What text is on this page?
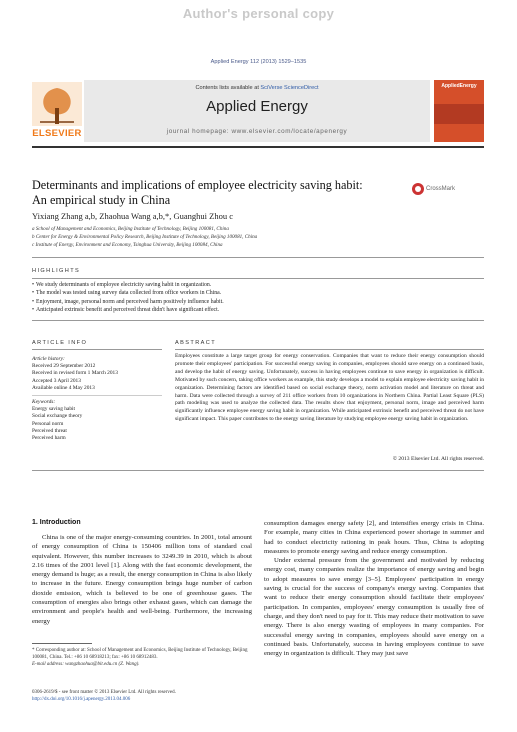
Author's personal copy
Applied Energy 112 (2013) 1529–1535
ELSEVIER
Contents lists available at SciVerse ScienceDirect
Applied Energy
journal homepage: www.elsevier.com/locate/apenergy
AppliedEnergy
Determinants and implications of employee electricity saving habit:
An empirical study in China
CrossMark
Yixiang Zhang a,b, Zhaohua Wang a,b,*, Guanghui Zhou c
a School of Management and Economics, Beijing Institute of Technology, Beijing 100081, China
b Center for Energy & Environmental Policy Research, Beijing Institute of Technology, Beijing 100081, China
c Institute of Energy, Environment and Economy, Tsinghua University, Beijing 100084, China
HIGHLIGHTS
• We study determinants of employee electricity saving habit in organization.
• The model was tested using survey data collected from office workers in China.
• Enjoyment, image, personal norm and perceived harm positively influence habit.
• Anticipated extrinsic benefit and perceived threat didn't have significant effect.
ARTICLE INFO
Article history:
Received 29 September 2012
Received in revised form 1 March 2013
Accepted 3 April 2013
Available online 4 May 2013
Keywords:
Energy saving habit
Social exchange theory
Personal norm
Perceived threat
Perceived harm
ABSTRACT
Employees constitute a large target group for energy conservation. Companies that want to reduce their energy consumption should promote their employees' participation. For successful energy saving in companies, employees should save energy on a continued basis, and develop the habit of energy saving. Unfortunately, success in having employees continue to save energy in organization is difficult. Motivated by such concern, taking office workers as example, this study develops a model to explain employee electricity saving habit in organization. Determining factors are identified based on social exchange theory, norm activation model and literature on threat and harm. Data were collected through a survey of 211 office workers from 10 organizations in Northern China. Partial Least Square (PLS) path modeling was used to analyze the collected data. The results show that enjoyment, personal norm, image and perceived harm significantly influence employee energy saving habit in organization. While anticipated extrinsic benefit and perceived threat do not have significant impact. This paper contributes to the energy saving literature by studying employee energy saving habit in organization.
© 2013 Elsevier Ltd. All rights reserved.
1. Introduction

China is one of the major energy-consuming countries. In 2001, total amount of energy consumption of China is 150406 million tons of standard coal equivalent. However, this number increases to 3249.39 in 2010, which is about 2.16 times of the 2001 level [1]. Along with the fast economic development, the energy demand is huge; as a result, the energy consumption in China is also likely to increase in the future. Energy consumption brings huge number of carbon dioxide emission, which is believed to be one of greenhouse gases. The consumption of energies also brings other exhaust gases, which can damage the environment and people's health and well-being. Furthermore, the increasing energy

consumption damages energy safety [2], and intensifies energy crisis in China. For example, many cities in China experienced power shortage in summer and had to conduct electricity rationing in peak hours. Thus, China is adopting measures to promote energy saving and reduce energy consumption.

Under external pressure from the government and motivated by reducing energy cost, many companies realize the importance of energy saving and begin to adopt measures to save energy [3–5]. Employees' participation in energy saving is crucial for the success of company's energy saving. Companies that want to reduce their energy consumption should facilitate their employees' participation. In companies, employees' energy consumption is usually free of charge, and they don't need to pay for it. This may reduce their motivation to save energy. There is also energy wasting of employees in many companies. For successful energy saving in companies, employees should save energy on a continued basis. Unfortunately, success in having employees continue to save energy in organization is difficult. They may just save

* Corresponding author at: School of Management and Economics, Beijing Institute of Technology, Beijing 100081, China. Tel.: +86 10 68918213; fax: +86 10 68912483.
E-mail address: wangzhaohua@bit.edu.cn (Z. Wang).
0306-2619/$ - see front matter © 2013 Elsevier Ltd. All rights reserved.
http://dx.doi.org/10.1016/j.apenergy.2013.04.006
